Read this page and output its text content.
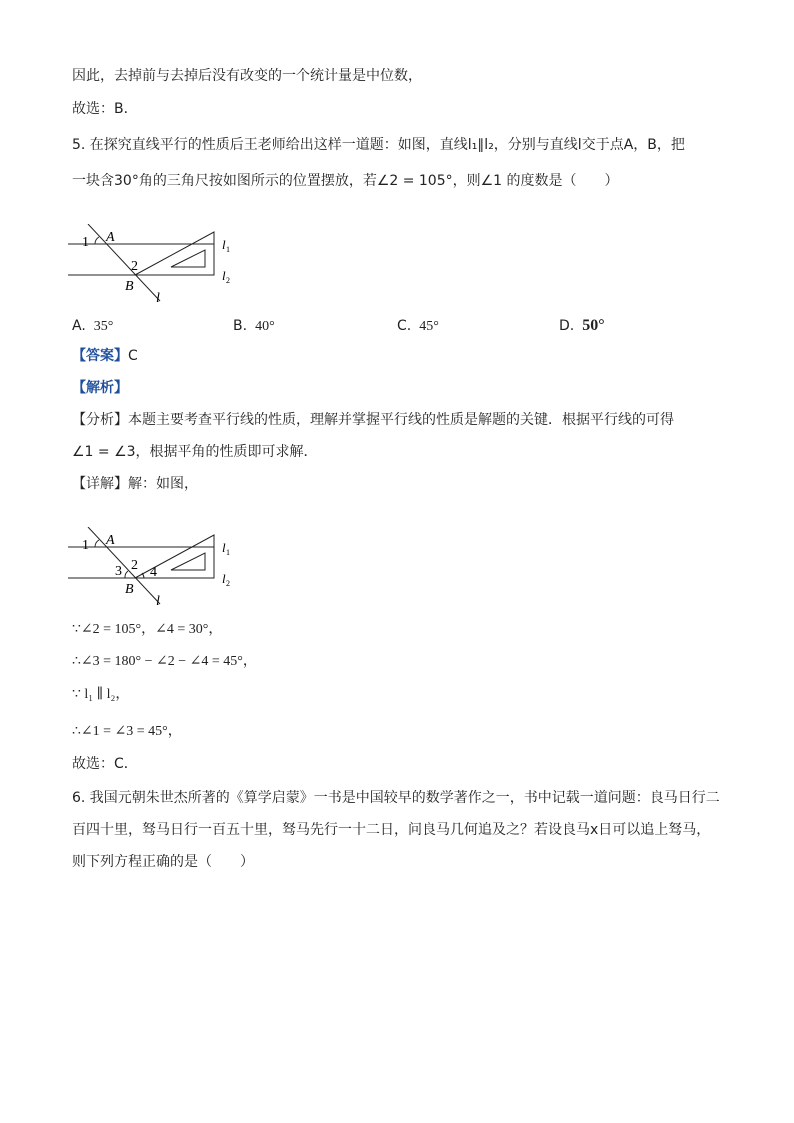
因此，去掉前与去掉后没有改变的一个统计量是中位数，
故选：B．
5. 在探究直线平行的性质后王老师给出这样一道题：如图，直线l₁∥l₂，分别与直线l交于点A，B，把
一块含30°角的三角尺按如图所示的位置摆放，若∠2 = 105°，则∠1 的度数是（　　）
1 A
2
B
l
l 1
l 2
A. 35°	B. 40°	C. 45°	D. 50°
【答案】C
【解析】
【分析】本题主要考查平行线的性质，理解并掌握平行线的性质是解题的关键．根据平行线的可得
∠1 = ∠3，根据平角的性质即可求解．
【详解】解：如图，
1 A
2
3 4
B
l
l 1
l 2
∵∠2 = 105°，∠4 = 30°，
∴∠3 = 180° − ∠2 − ∠4 = 45°，
∵ l₁ ∥ l₂，
∴∠1 = ∠3 = 45°，
故选：C．
6. 我国元朝朱世杰所著的《算学启蒙》一书是中国较早的数学著作之一，书中记载一道问题：良马日行二
百四十里，驽马日行一百五十里，驽马先行一十二日，问良马几何追及之？若设良马x日可以追上驽马，
则下列方程正确的是（　　）
